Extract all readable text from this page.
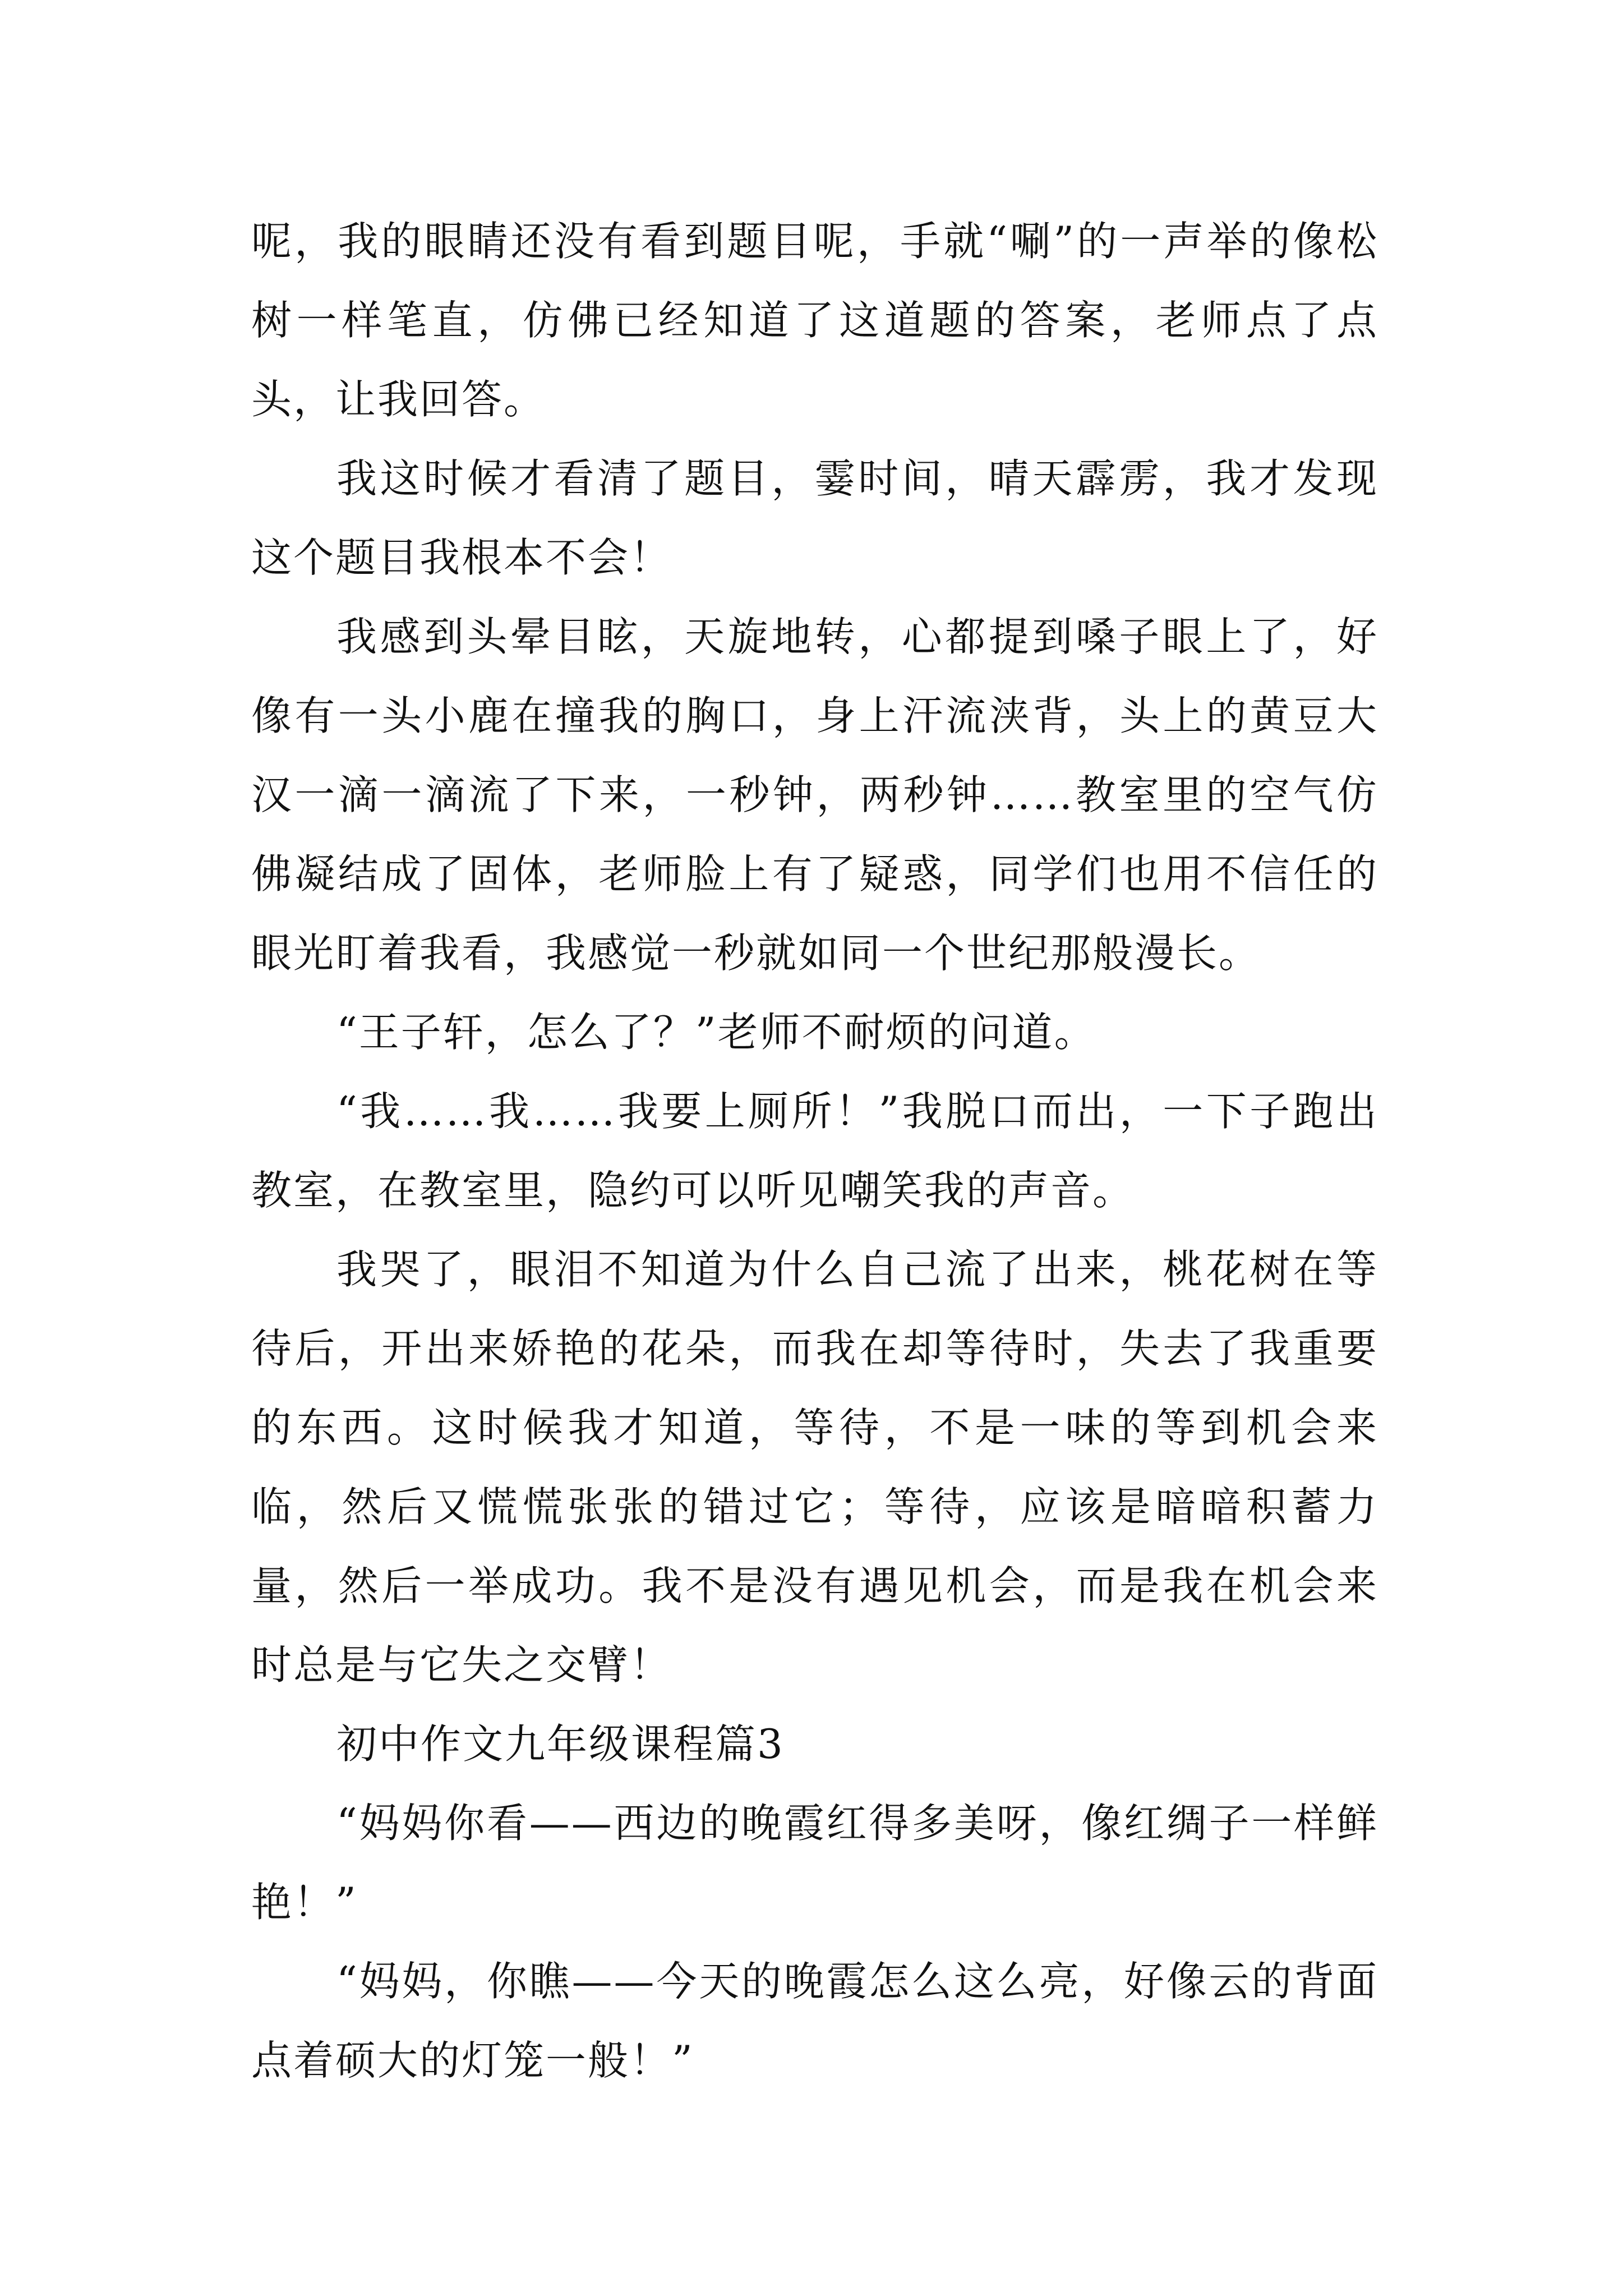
呢，我的眼睛还没有看到题目呢，手就“唰”的一声举的像松树一样笔直，仿佛已经知道了这道题的答案，老师点了点头，让我回答。

我这时候才看清了题目，霎时间，晴天霹雳，我才发现这个题目我根本不会！

我感到头晕目眩，天旋地转，心都提到嗓子眼上了，好像有一头小鹿在撞我的胸口，身上汗流浃背，头上的黄豆大汉一滴一滴流了下来，一秒钟，两秒钟……教室里的空气仿佛凝结成了固体，老师脸上有了疑惑，同学们也用不信任的眼光盯着我看，我感觉一秒就如同一个世纪那般漫长。

“王子轩，怎么了？”老师不耐烦的问道。

“我……我……我要上厕所！”我脱口而出，一下子跑出教室，在教室里，隐约可以听见嘲笑我的声音。

我哭了，眼泪不知道为什么自己流了出来，桃花树在等待后，开出来娇艳的花朵，而我在却等待时，失去了我重要的东西。这时候我才知道，等待，不是一味的等到机会来临，然后又慌慌张张的错过它；等待，应该是暗暗积蓄力量，然后一举成功。我不是没有遇见机会，而是我在机会来时总是与它失之交臂！

初中作文九年级课程篇3

“妈妈你看——西边的晚霞红得多美呀，像红绸子一样鲜艳！”

“妈妈，你瞧——今天的晚霞怎么这么亮，好像云的背面点着硕大的灯笼一般！”
